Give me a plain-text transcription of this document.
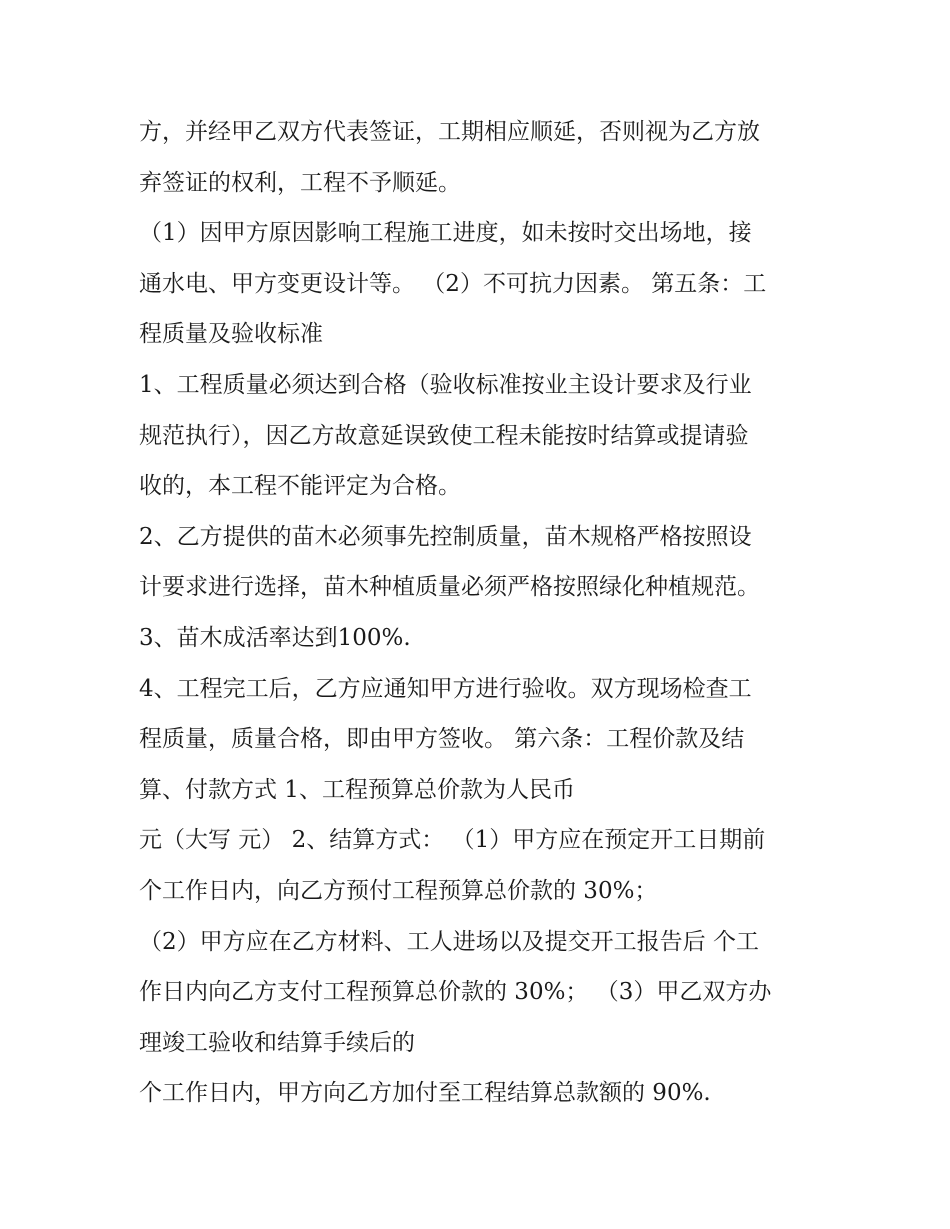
方，并经甲乙双方代表签证，工期相应顺延，否则视为乙方放
弃签证的权利，工程不予顺延。
（1）因甲方原因影响工程施工进度，如未按时交出场地，接
通水电、甲方变更设计等。 （2）不可抗力因素。 第五条：工
程质量及验收标准
1、工程质量必须达到合格（验收标准按业主设计要求及行业
规范执行），因乙方故意延误致使工程未能按时结算或提请验
收的，本工程不能评定为合格。
2、乙方提供的苗木必须事先控制质量，苗木规格严格按照设
计要求进行选择，苗木种植质量必须严格按照绿化种植规范。
3、苗木成活率达到100%.
4、工程完工后，乙方应通知甲方进行验收。双方现场检查工
程质量，质量合格，即由甲方签收。 第六条：工程价款及结
算、付款方式 1、工程预算总价款为人民币
元（大写 元） 2、结算方式： （1）甲方应在预定开工日期前
个工作日内，向乙方预付工程预算总价款的 30%；
（2）甲方应在乙方材料、工人进场以及提交开工报告后 个工
作日内向乙方支付工程预算总价款的 30%； （3）甲乙双方办
理竣工验收和结算手续后的
个工作日内，甲方向乙方加付至工程结算总款额的 90%.
